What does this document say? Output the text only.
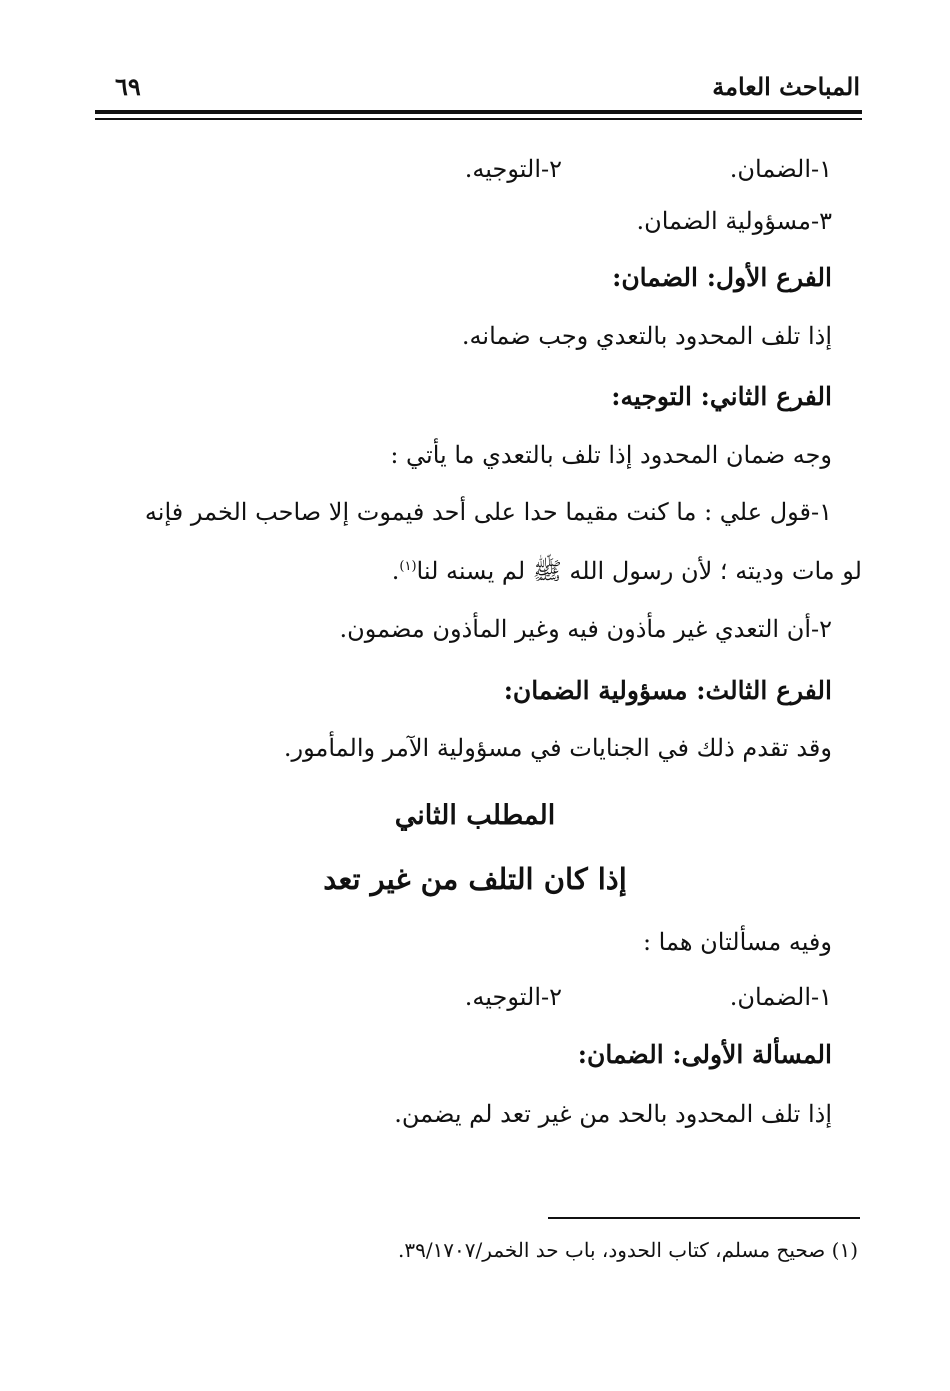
المباحث العامة
٦٩
١-الضمان.٢-التوجيه.
٣-مسؤولية الضمان.
الفرع الأول: الضمان:
إذا تلف المحدود بالتعدي وجب ضمانه.
الفرع الثاني: التوجيه:
وجه ضمان المحدود إذا تلف بالتعدي ما يأتي :
١-قول علي : ما كنت مقيما حدا على أحد فيموت إلا صاحب الخمر فإنه
لو مات وديته ؛ لأن رسول الله ﷺ لم يسنه لنا$^{(١)}$.
٢-أن التعدي غير مأذون فيه وغير المأذون مضمون.
الفرع الثالث: مسؤولية الضمان:
وقد تقدم ذلك في الجنايات في مسؤولية الآمر والمأمور.
المطلب الثاني
إذا كان التلف من غير تعد
وفيه مسألتان هما :
١-الضمان.٢-التوجيه.
المسألة الأولى: الضمان:
إذا تلف المحدود بالحد من غير تعد لم يضمن.
(١) صحيح مسلم، كتاب الحدود، باب حد الخمر/٣٩/١٧٠٧.
